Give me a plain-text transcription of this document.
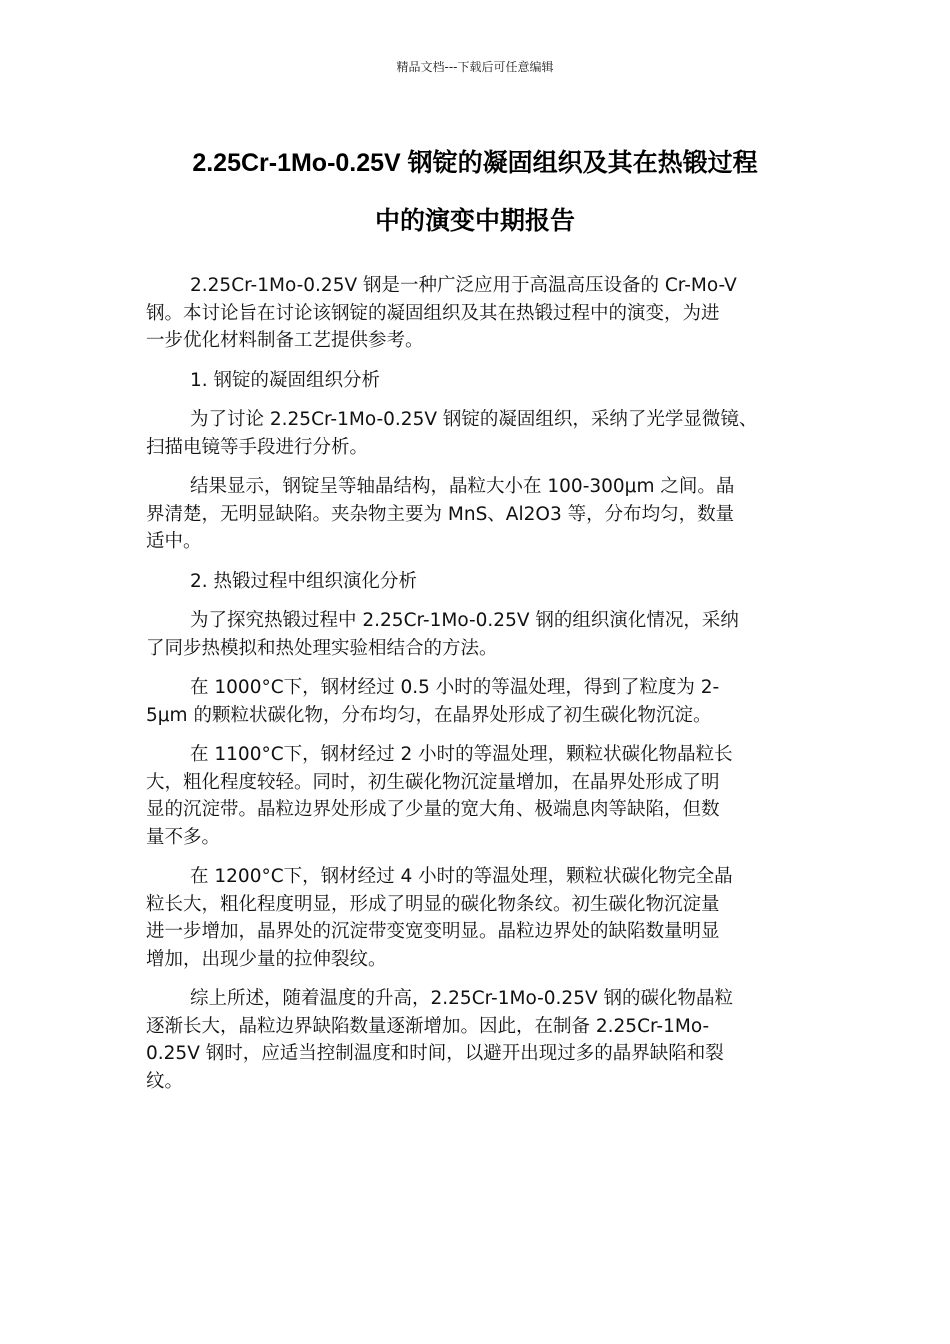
精品文档---下载后可任意编辑
2.25Cr-1Mo-0.25V 钢锭的凝固组织及其在热锻过程
中的演变中期报告

2.25Cr-1Mo-0.25V 钢是一种广泛应用于高温高压设备的 Cr-Mo-V
钢。本讨论旨在讨论该钢锭的凝固组织及其在热锻过程中的演变，为进
一步优化材料制备工艺提供参考。

1. 钢锭的凝固组织分析

为了讨论 2.25Cr-1Mo-0.25V 钢锭的凝固组织，采纳了光学显微镜、
扫描电镜等手段进行分析。

结果显示，钢锭呈等轴晶结构，晶粒大小在 100-300μm 之间。晶
界清楚，无明显缺陷。夹杂物主要为 MnS、Al2O3 等，分布均匀，数量
适中。

2. 热锻过程中组织演化分析

为了探究热锻过程中 2.25Cr-1Mo-0.25V 钢的组织演化情况，采纳
了同步热模拟和热处理实验相结合的方法。

在 1000°C下，钢材经过 0.5 小时的等温处理，得到了粒度为 2-
5μm 的颗粒状碳化物，分布均匀，在晶界处形成了初生碳化物沉淀。

在 1100°C下，钢材经过 2 小时的等温处理，颗粒状碳化物晶粒长
大，粗化程度较轻。同时，初生碳化物沉淀量增加，在晶界处形成了明
显的沉淀带。晶粒边界处形成了少量的宽大角、极端息肉等缺陷，但数
量不多。

在 1200°C下，钢材经过 4 小时的等温处理，颗粒状碳化物完全晶
粒长大，粗化程度明显，形成了明显的碳化物条纹。初生碳化物沉淀量
进一步增加，晶界处的沉淀带变宽变明显。晶粒边界处的缺陷数量明显
增加，出现少量的拉伸裂纹。

综上所述，随着温度的升高，2.25Cr-1Mo-0.25V 钢的碳化物晶粒
逐渐长大，晶粒边界缺陷数量逐渐增加。因此，在制备 2.25Cr-1Mo-
0.25V 钢时，应适当控制温度和时间，以避开出现过多的晶界缺陷和裂
纹。
